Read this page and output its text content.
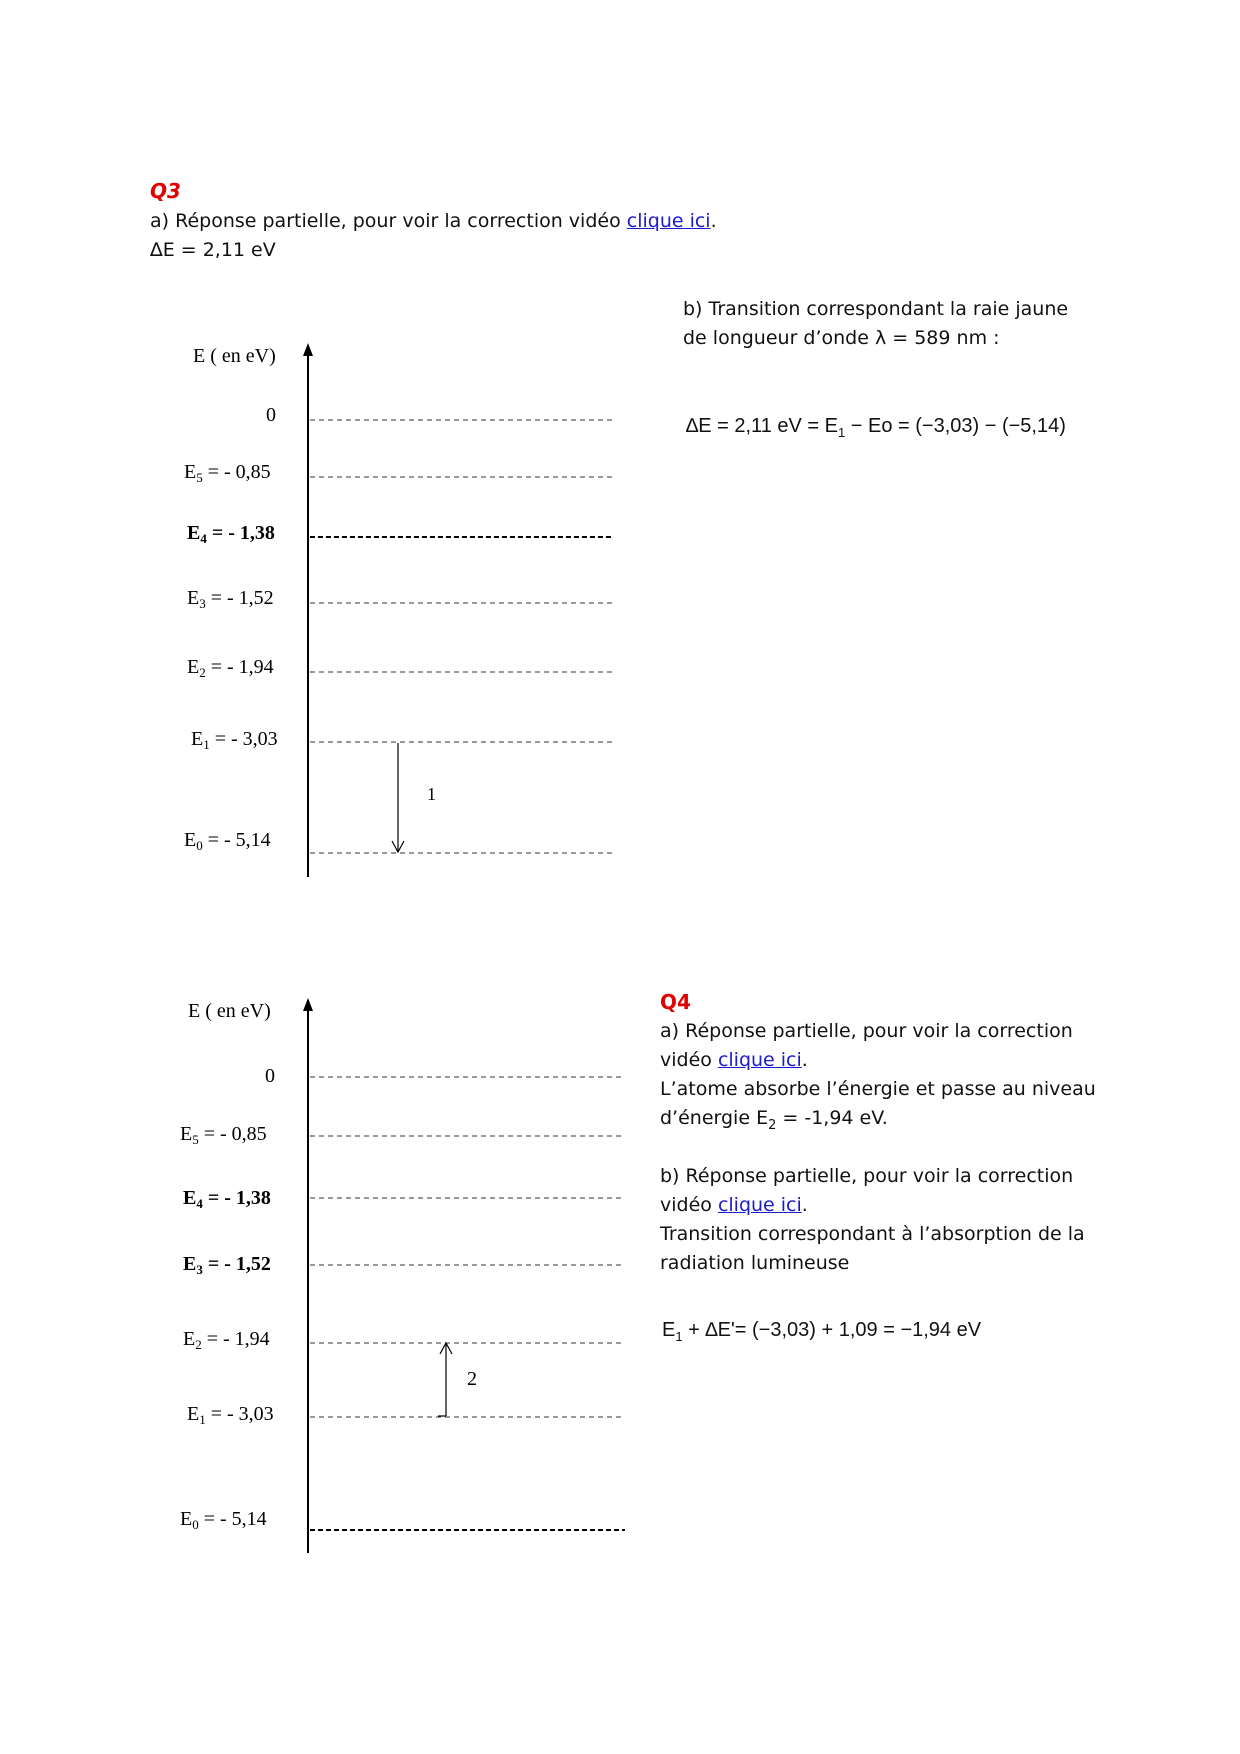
Q3
a) Réponse partielle, pour voir la correction vidéo clique ici.
∆E = 2,11 eV
b) Transition correspondant la raie jaune
de longueur d’onde λ = 589 nm :
∆E = 2,11 eV = $E_1 - Eo = (-3,03) - (-5,14)$
E ( en eV)
0
$E_5$ = - 0,85
$E_4$ = - 1,38
$E_3$ = - 1,52
$E_2$ = - 1,94
$E_1$ = - 3,03
$E_0$ = - 5,14
1
E ( en eV)
0
$E_5$ = - 0,85
$E_4$ = - 1,38
$E_3$ = - 1,52
$E_2$ = - 1,94
$E_1$ = - 3,03
$E_0$ = - 5,14
2
Q4
a) Réponse partielle, pour voir la correction
vidéo clique ici.
L’atome absorbe l’énergie et passe au niveau
d’énergie $E_2 = -1,94$ eV.
b) Réponse partielle, pour voir la correction
vidéo clique ici.
Transition correspondant à l’absorption de la
radiation lumineuse
$E_1 + \Delta E'= (-3,03) + 1,09 = -1,94$ eV
